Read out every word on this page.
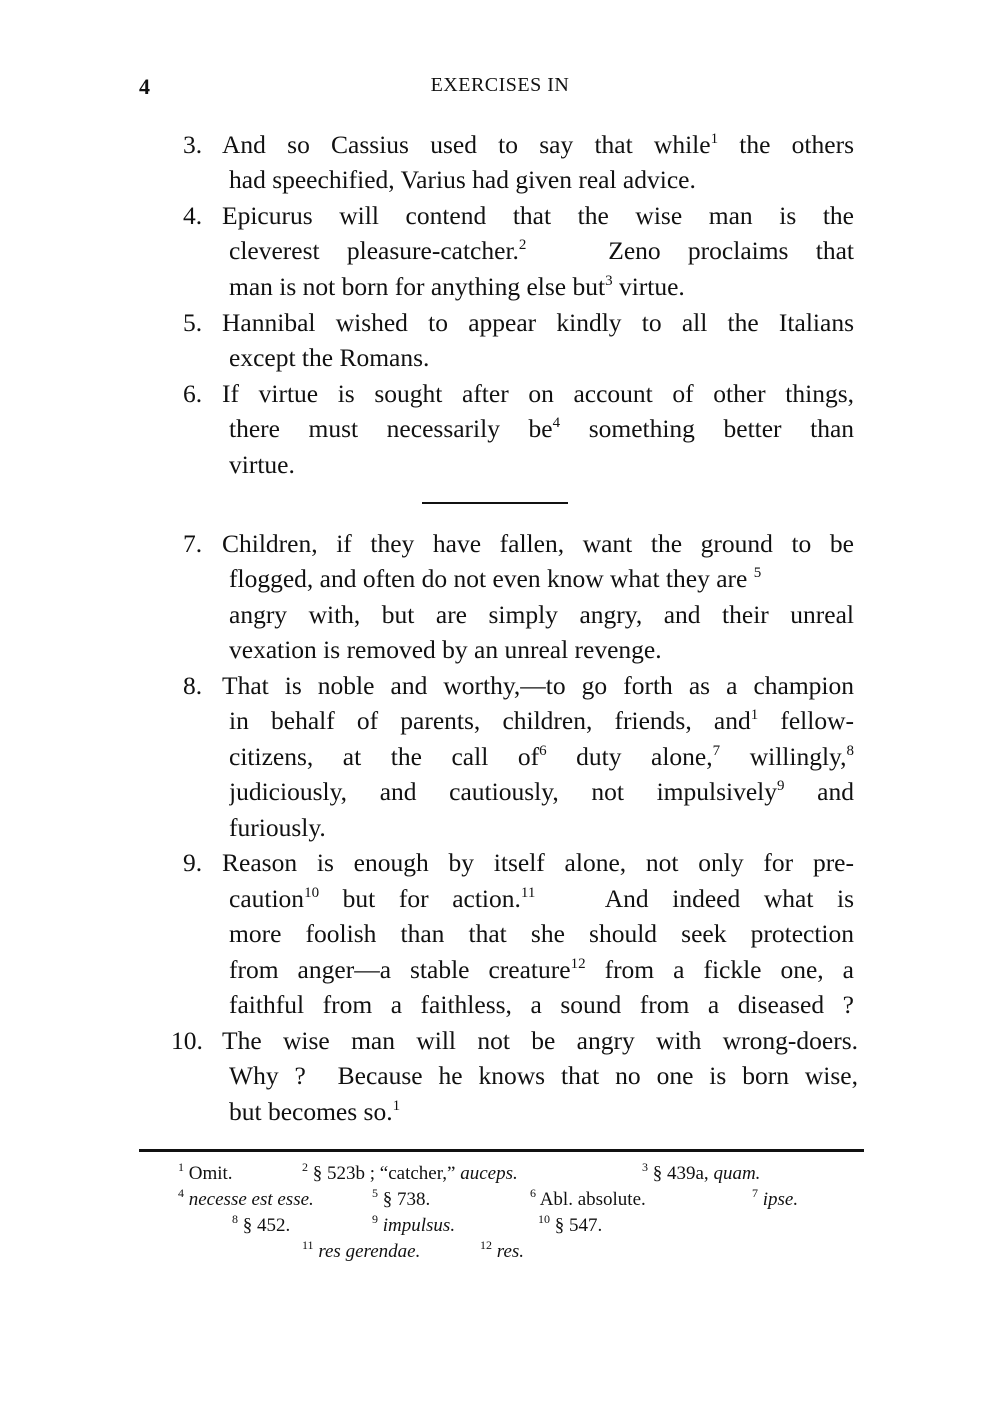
4	EXERCISES IN
3. And so Cassius used to say that while$^1$ the others
had speechified, Varius had given real advice.
4. Epicurus will contend that the wise man is the
cleverest pleasure-catcher.$^2$	Zeno proclaims that
man is not born for anything else but$^3$ virtue.
5. Hannibal wished to appear kindly to all the Italians
except the Romans.
6. If virtue is sought after on account of other things,
there must necessarily $be^4$ something better than
virtue.
7. Children, if they have fallen, want the ground to be
flogged, and often do not even know what they are $^5$
angry with, but are simply angry, and their unreal
vexation is removed by an unreal revenge.
8. That is noble and worthy,—to go forth as a champion
in behalf of parents, children, friends, and$^1$ fellow-
citizens, at the call $of^6$ duty alone,$^7$ willingly,$^8$
judiciously, and cautiously, not impulsively$^9$ and
furiously.
9. Reason is enough by itself alone, not only for pre-
caution$^{10}$ but for action.$^{11}$	And indeed what is
more foolish than that she should seek protection
from anger—a stable creature$^{12}$ from a fickle one, a
faithful from a faithless, a sound from a diseased ?
10. The wise man will not be angry with wrong-doers.
Why ?  Because he knows that no one is born wise,
but becomes so.$^1$
$^1$ Omit.	$^2$ § 523b ; “catcher,” auceps.	$^3$ § 439a, quam.
$^4$ necesse est esse.	$^5$ § 738.	$^6$ Abl. absolute.	$^7$ ipse.
$^8$ § 452.	$^9$ impulsus.	$^{10}$ § 547.
$^{11}$ res gerendae.	$^{12}$ res.
